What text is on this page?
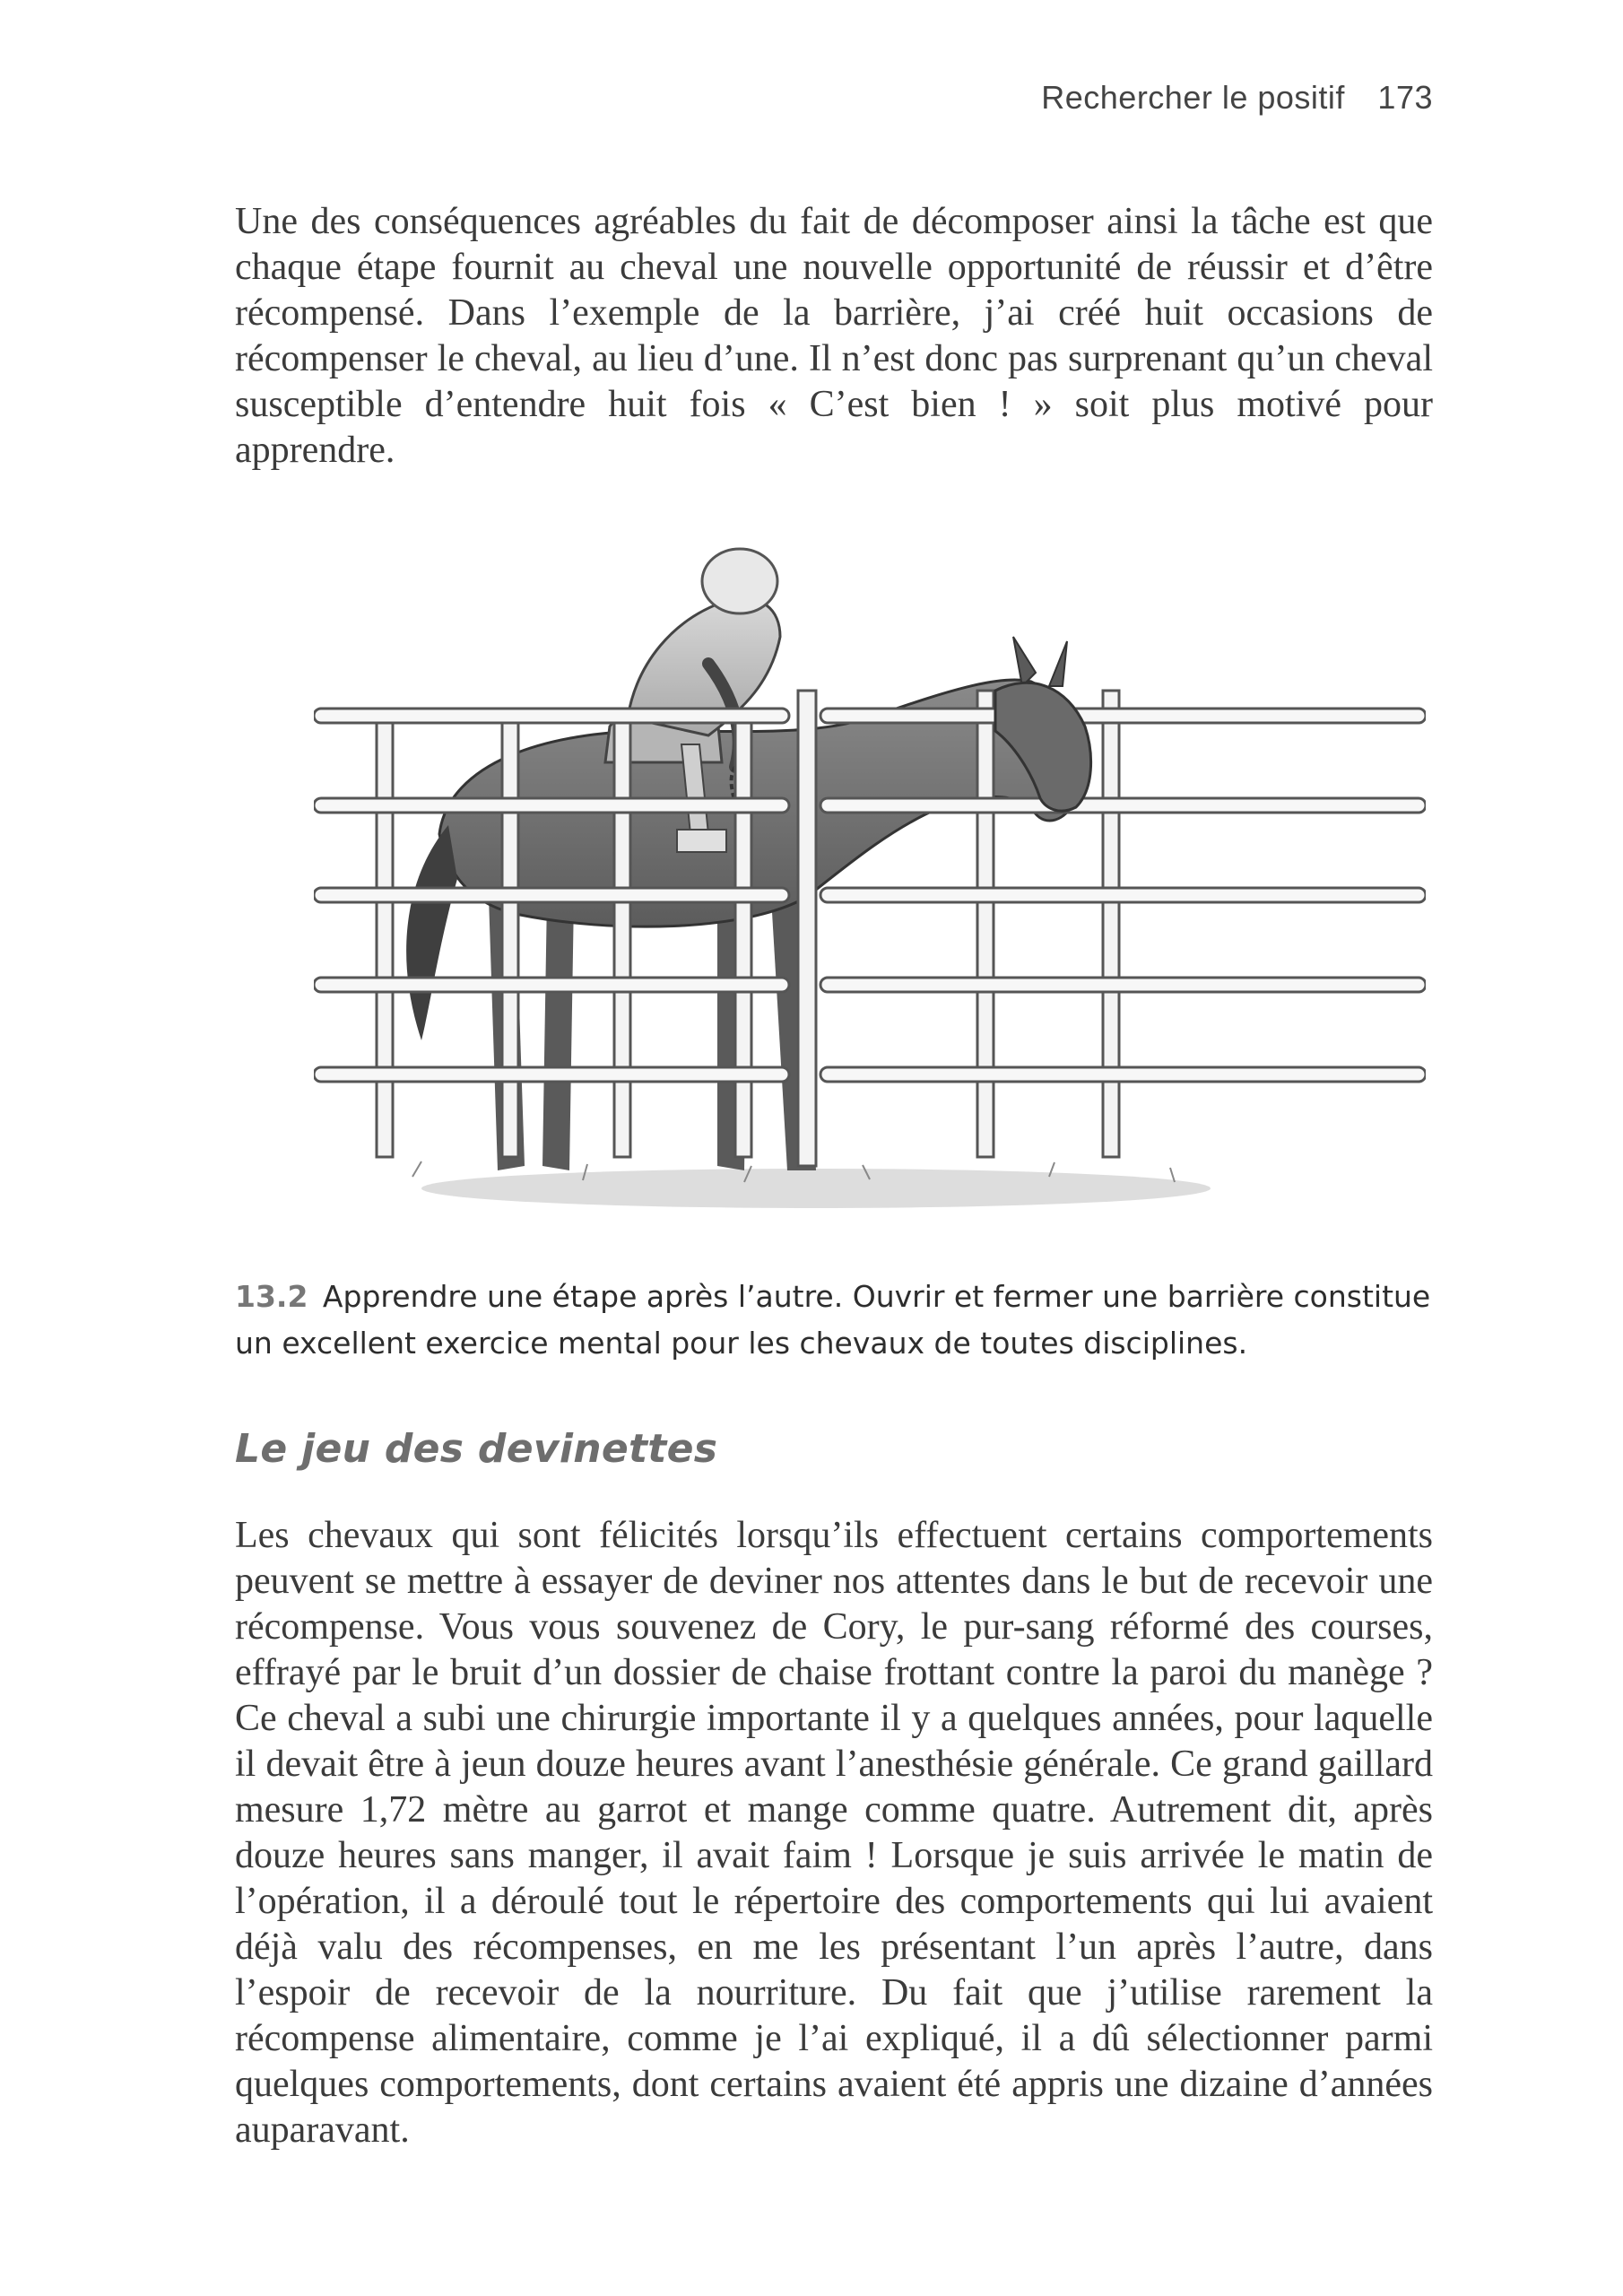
Rechercher le positif 173

Une des conséquences agréables du fait de décomposer ainsi la tâche est que chaque étape fournit au cheval une nouvelle opportunité de réussir et d’être récompensé. Dans l’exemple de la barrière, j’ai créé huit occasions de récompenser le cheval, au lieu d’une. Il n’est donc pas surprenant qu’un cheval susceptible d’entendre huit fois « C’est bien ! » soit plus motivé pour apprendre.

13.2 Apprendre une étape après l’autre. Ouvrir et fermer une barrière constitue un excellent exercice mental pour les chevaux de toutes disciplines.

Le jeu des devinettes

Les chevaux qui sont félicités lorsqu’ils effectuent certains comportements peuvent se mettre à essayer de deviner nos attentes dans le but de recevoir une récompense. Vous vous souvenez de Cory, le pur-sang réformé des courses, effrayé par le bruit d’un dossier de chaise frottant contre la paroi du manège ? Ce cheval a subi une chirurgie importante il y a quelques années, pour laquelle il devait être à jeun douze heures avant l’anesthésie générale. Ce grand gaillard mesure 1,72 mètre au garrot et mange comme quatre. Autrement dit, après douze heures sans manger, il avait faim ! Lorsque je suis arrivée le matin de l’opération, il a déroulé tout le répertoire des comportements qui lui avaient déjà valu des récompenses, en me les présentant l’un après l’autre, dans l’espoir de recevoir de la nourriture. Du fait que j’utilise rarement la récompense alimentaire, comme je l’ai expliqué, il a dû sélectionner parmi quelques comportements, dont certains avaient été appris une dizaine d’années auparavant.
